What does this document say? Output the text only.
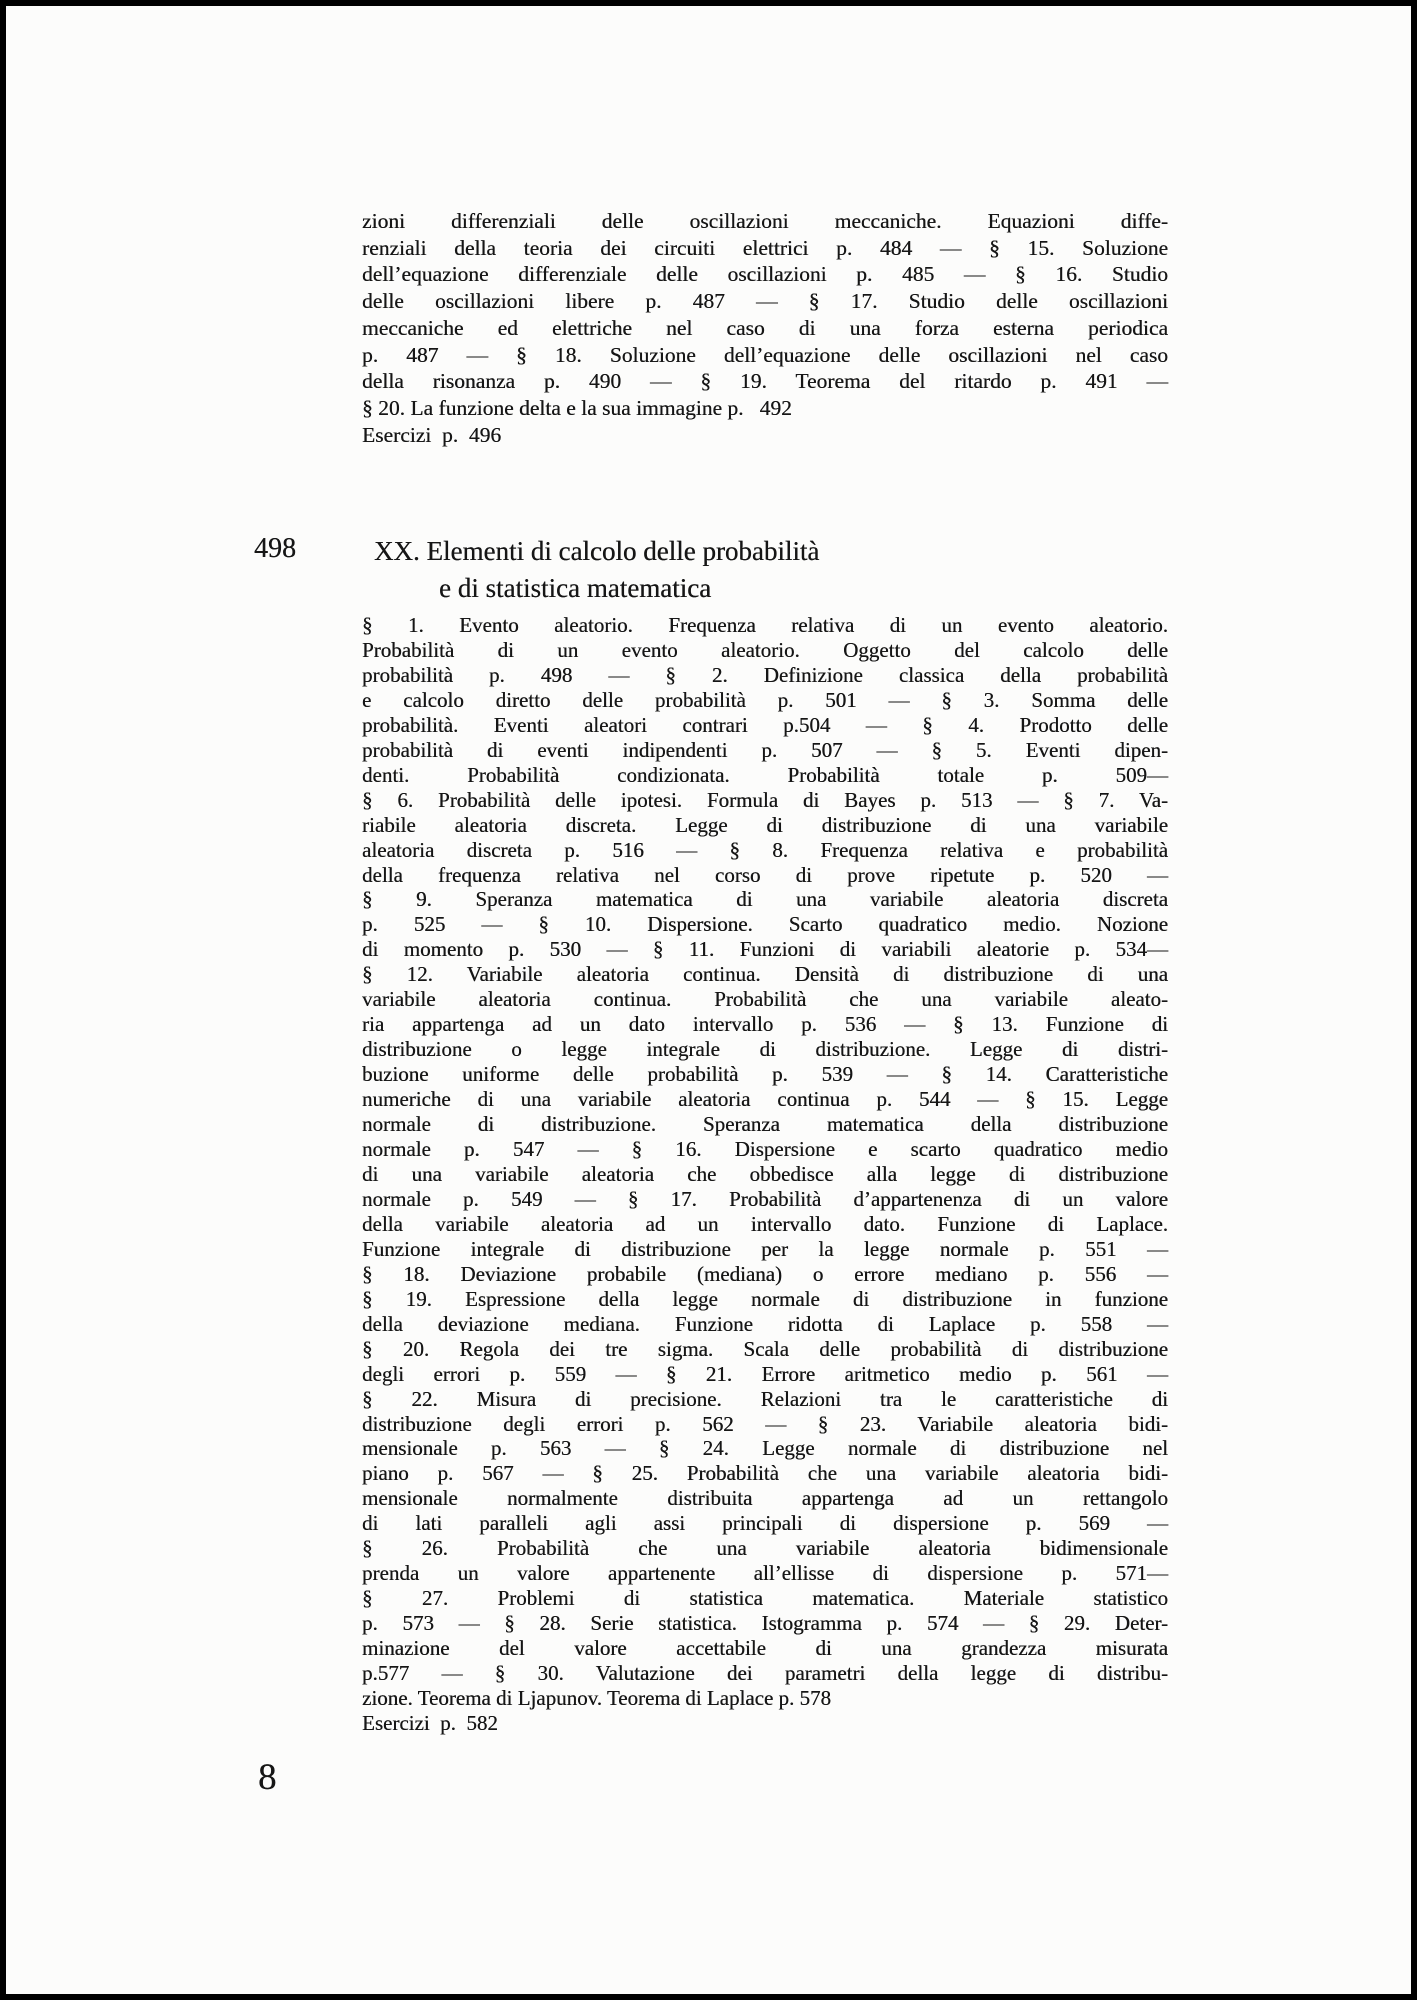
zioni differenziali delle oscillazioni meccaniche. Equazioni diffe-
renziali della teoria dei circuiti elettrici p. 484 — § 15. Soluzione
dell’equazione differenziale delle oscillazioni p. 485 — § 16. Studio
delle oscillazioni libere p. 487 — § 17. Studio delle oscillazioni
meccaniche ed elettriche nel caso di una forza esterna periodica
p. 487 — § 18. Soluzione dell’equazione delle oscillazioni nel caso
della risonanza p. 490 — § 19. Teorema del ritardo p. 491 —
§ 20. La funzione delta e la sua immagine p.   492
Esercizi  p.  496
498	XX. Elementi di calcolo delle probabilità
e di statistica matematica
§ 1. Evento aleatorio. Frequenza relativa di un evento aleatorio.
Probabilità di un evento aleatorio. Oggetto del calcolo delle
probabilità p. 498 — § 2. Definizione classica della probabilità
e calcolo diretto delle probabilità p. 501 — § 3. Somma delle
probabilità. Eventi aleatori contrari p.504 — § 4. Prodotto delle
probabilità di eventi indipendenti p. 507 — § 5. Eventi dipen-
denti. Probabilità condizionata. Probabilità totale p. 509—
§ 6. Probabilità delle ipotesi. Formula di Bayes p. 513 — § 7. Va-
riabile aleatoria discreta. Legge di distribuzione di una variabile
aleatoria discreta p. 516 — § 8. Frequenza relativa e probabilità
della frequenza relativa nel corso di prove ripetute p. 520 —
§ 9. Speranza matematica di una variabile aleatoria discreta
p. 525 — § 10. Dispersione. Scarto quadratico medio. Nozione
di momento p. 530 — § 11. Funzioni di variabili aleatorie p. 534—
§ 12. Variabile aleatoria continua. Densità di distribuzione di una
variabile aleatoria continua. Probabilità che una variabile aleato-
ria appartenga ad un dato intervallo p. 536 — § 13. Funzione di
distribuzione o legge integrale di distribuzione. Legge di distri-
buzione uniforme delle probabilità p. 539 — § 14. Caratteristiche
numeriche di una variabile aleatoria continua p. 544 — § 15. Legge
normale di distribuzione. Speranza matematica della distribuzione
normale p. 547 — § 16. Dispersione e scarto quadratico medio
di una variabile aleatoria che obbedisce alla legge di distribuzione
normale p. 549 — § 17. Probabilità d’appartenenza di un valore
della variabile aleatoria ad un intervallo dato. Funzione di Laplace.
Funzione integrale di distribuzione per la legge normale p. 551 —
§ 18. Deviazione probabile (mediana) o errore mediano p. 556 —
§ 19. Espressione della legge normale di distribuzione in funzione
della deviazione mediana. Funzione ridotta di Laplace p. 558 —
§ 20. Regola dei tre sigma. Scala delle probabilità di distribuzione
degli errori p. 559 — § 21. Errore aritmetico medio p. 561 —
§ 22. Misura di precisione. Relazioni tra le caratteristiche di
distribuzione degli errori p. 562 — § 23. Variabile aleatoria bidi-
mensionale p. 563 — § 24. Legge normale di distribuzione nel
piano p. 567 — § 25. Probabilità che una variabile aleatoria bidi-
mensionale normalmente distribuita appartenga ad un rettangolo
di lati paralleli agli assi principali di dispersione p. 569 —
§ 26. Probabilità che una variabile aleatoria bidimensionale
prenda un valore appartenente all’ellisse di dispersione p. 571—
§ 27. Problemi di statistica matematica. Materiale statistico
p. 573 — § 28. Serie statistica. Istogramma p. 574 — § 29. Deter-
minazione del valore accettabile di una grandezza misurata
p.577 — § 30. Valutazione dei parametri della legge di distribu-
zione. Teorema di Ljapunov. Teorema di Laplace p. 578
Esercizi  p.  582
8
